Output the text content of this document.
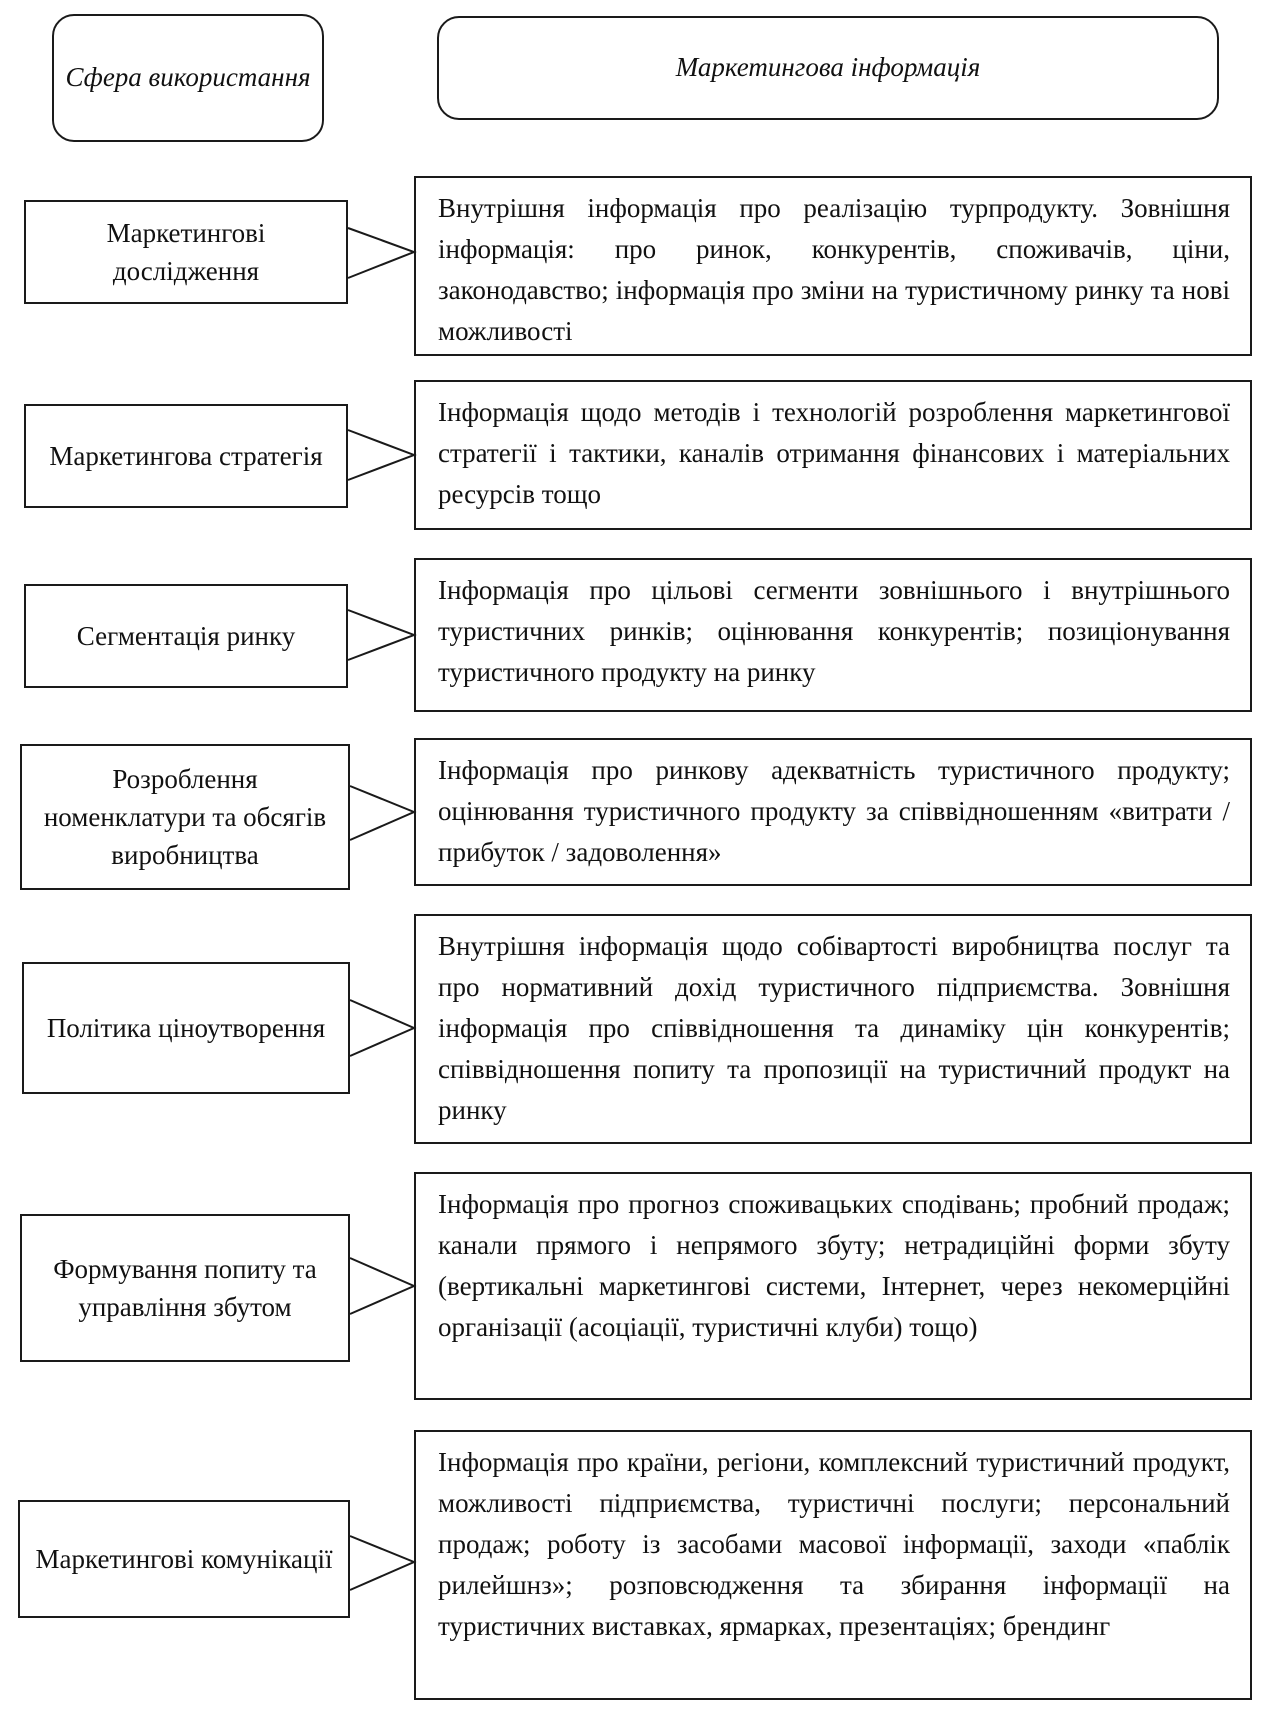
Сфера використання	Маркетингова інформація
Маркетингові дослідження
Внутрішня інформація про реалізацію турпродукту. Зовнішня інформація: про ринок, конкурентів, споживачів, ціни, законодавство; інформація про зміни на туристичному ринку та нові можливості
Маркетингова стратегія
Інформація щодо методів і технологій розроблення маркетингової стратегії і тактики, каналів отримання фінансових і матеріальних ресурсів тощо
Сегментація ринку
Інформація про цільові сегменти зовнішнього і внутрішнього туристичних ринків; оцінювання конкурентів; позиціонування туристичного продукту на ринку
Розроблення номенклатури та обсягів виробництва
Інформація про ринкову адекватність туристичного продукту; оцінювання туристичного продукту за співвідношенням «витрати / прибуток / задоволення»
Політика ціноутворення
Внутрішня інформація щодо собівартості виробництва послуг та про нормативний дохід туристичного підприємства. Зовнішня інформація про співвідношення та динаміку цін конкурентів; співвідношення попиту та пропозиції на туристичний продукт на ринку
Формування попиту та управління збутом
Інформація про прогноз споживацьких сподівань; пробний продаж; канали прямого і непрямого збуту; нетрадиційні форми збуту (вертикальні маркетингові системи, Інтернет, через некомерційні організації (асоціації, туристичні клуби) тощо)
Маркетингові комунікації
Інформація про країни, регіони, комплексний туристичний продукт, можливості підприємства, туристичні послуги; персональний продаж; роботу із засобами масової інформації, заходи «паблік рилейшнз»; розповсюдження та збирання інформації на туристичних виставках, ярмарках, презентаціях; брендинг
